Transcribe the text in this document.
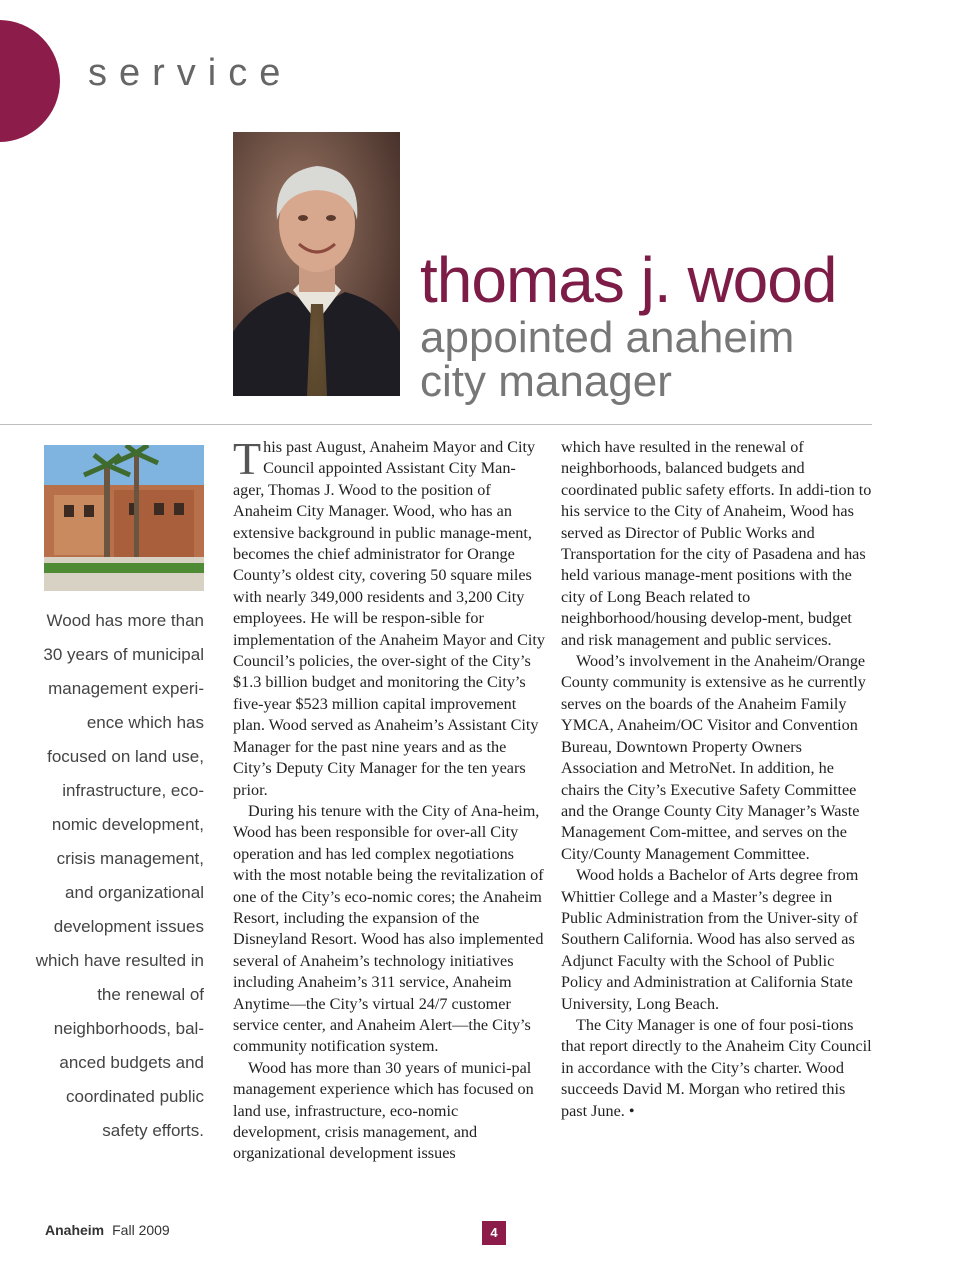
service
thomas j. wood
appointed anaheim
city manager
Wood has more than 30 years of municipal management experi-ence which has focused on land use, infrastructure, eco-nomic development, crisis management, and organizational development issues which have resulted in the renewal of neighborhoods, bal-anced budgets and coordinated public safety efforts.

This past August, Anaheim Mayor and City Council appointed Assistant City Man-ager, Thomas J. Wood to the position of Anaheim City Manager. Wood, who has an extensive background in public manage-ment, becomes the chief administrator for Orange County’s oldest city, covering 50 square miles with nearly 349,000 residents and 3,200 City employees. He will be respon-sible for implementation of the Anaheim Mayor and City Council’s policies, the over-sight of the City’s $1.3 billion budget and monitoring the City’s five-year $523 million capital improvement plan. Wood served as Anaheim’s Assistant City Manager for the past nine years and as the City’s Deputy City Manager for the ten years prior.

During his tenure with the City of Ana-heim, Wood has been responsible for over-all City operation and has led complex negotiations with the most notable being the revitalization of one of the City’s eco-nomic cores; the Anaheim Resort, including the expansion of the Disneyland Resort. Wood has also implemented several of Anaheim’s technology initiatives including Anaheim’s 311 service, Anaheim Anytime—the City’s virtual 24/7 customer service center, and Anaheim Alert—the City’s community notification system.

Wood has more than 30 years of munici-pal management experience which has focused on land use, infrastructure, eco-nomic development, crisis management, and organizational development issues

which have resulted in the renewal of neighborhoods, balanced budgets and coordinated public safety efforts. In addi-tion to his service to the City of Anaheim, Wood has served as Director of Public Works and Transportation for the city of Pasadena and has held various manage-ment positions with the city of Long Beach related to neighborhood/housing develop-ment, budget and risk management and public services.

Wood’s involvement in the Anaheim/Orange County community is extensive as he currently serves on the boards of the Anaheim Family YMCA, Anaheim/OC Visitor and Convention Bureau, Downtown Property Owners Association and MetroNet. In addition, he chairs the City’s Executive Safety Committee and the Orange County City Manager’s Waste Management Com-mittee, and serves on the City/County Management Committee.

Wood holds a Bachelor of Arts degree from Whittier College and a Master’s degree in Public Administration from the Univer-sity of Southern California. Wood has also served as Adjunct Faculty with the School of Public Policy and Administration at California State University, Long Beach.

The City Manager is one of four posi-tions that report directly to the Anaheim City Council in accordance with the City’s charter. Wood succeeds David M. Morgan who retired this past June. •

Anaheim Fall 2009	4
